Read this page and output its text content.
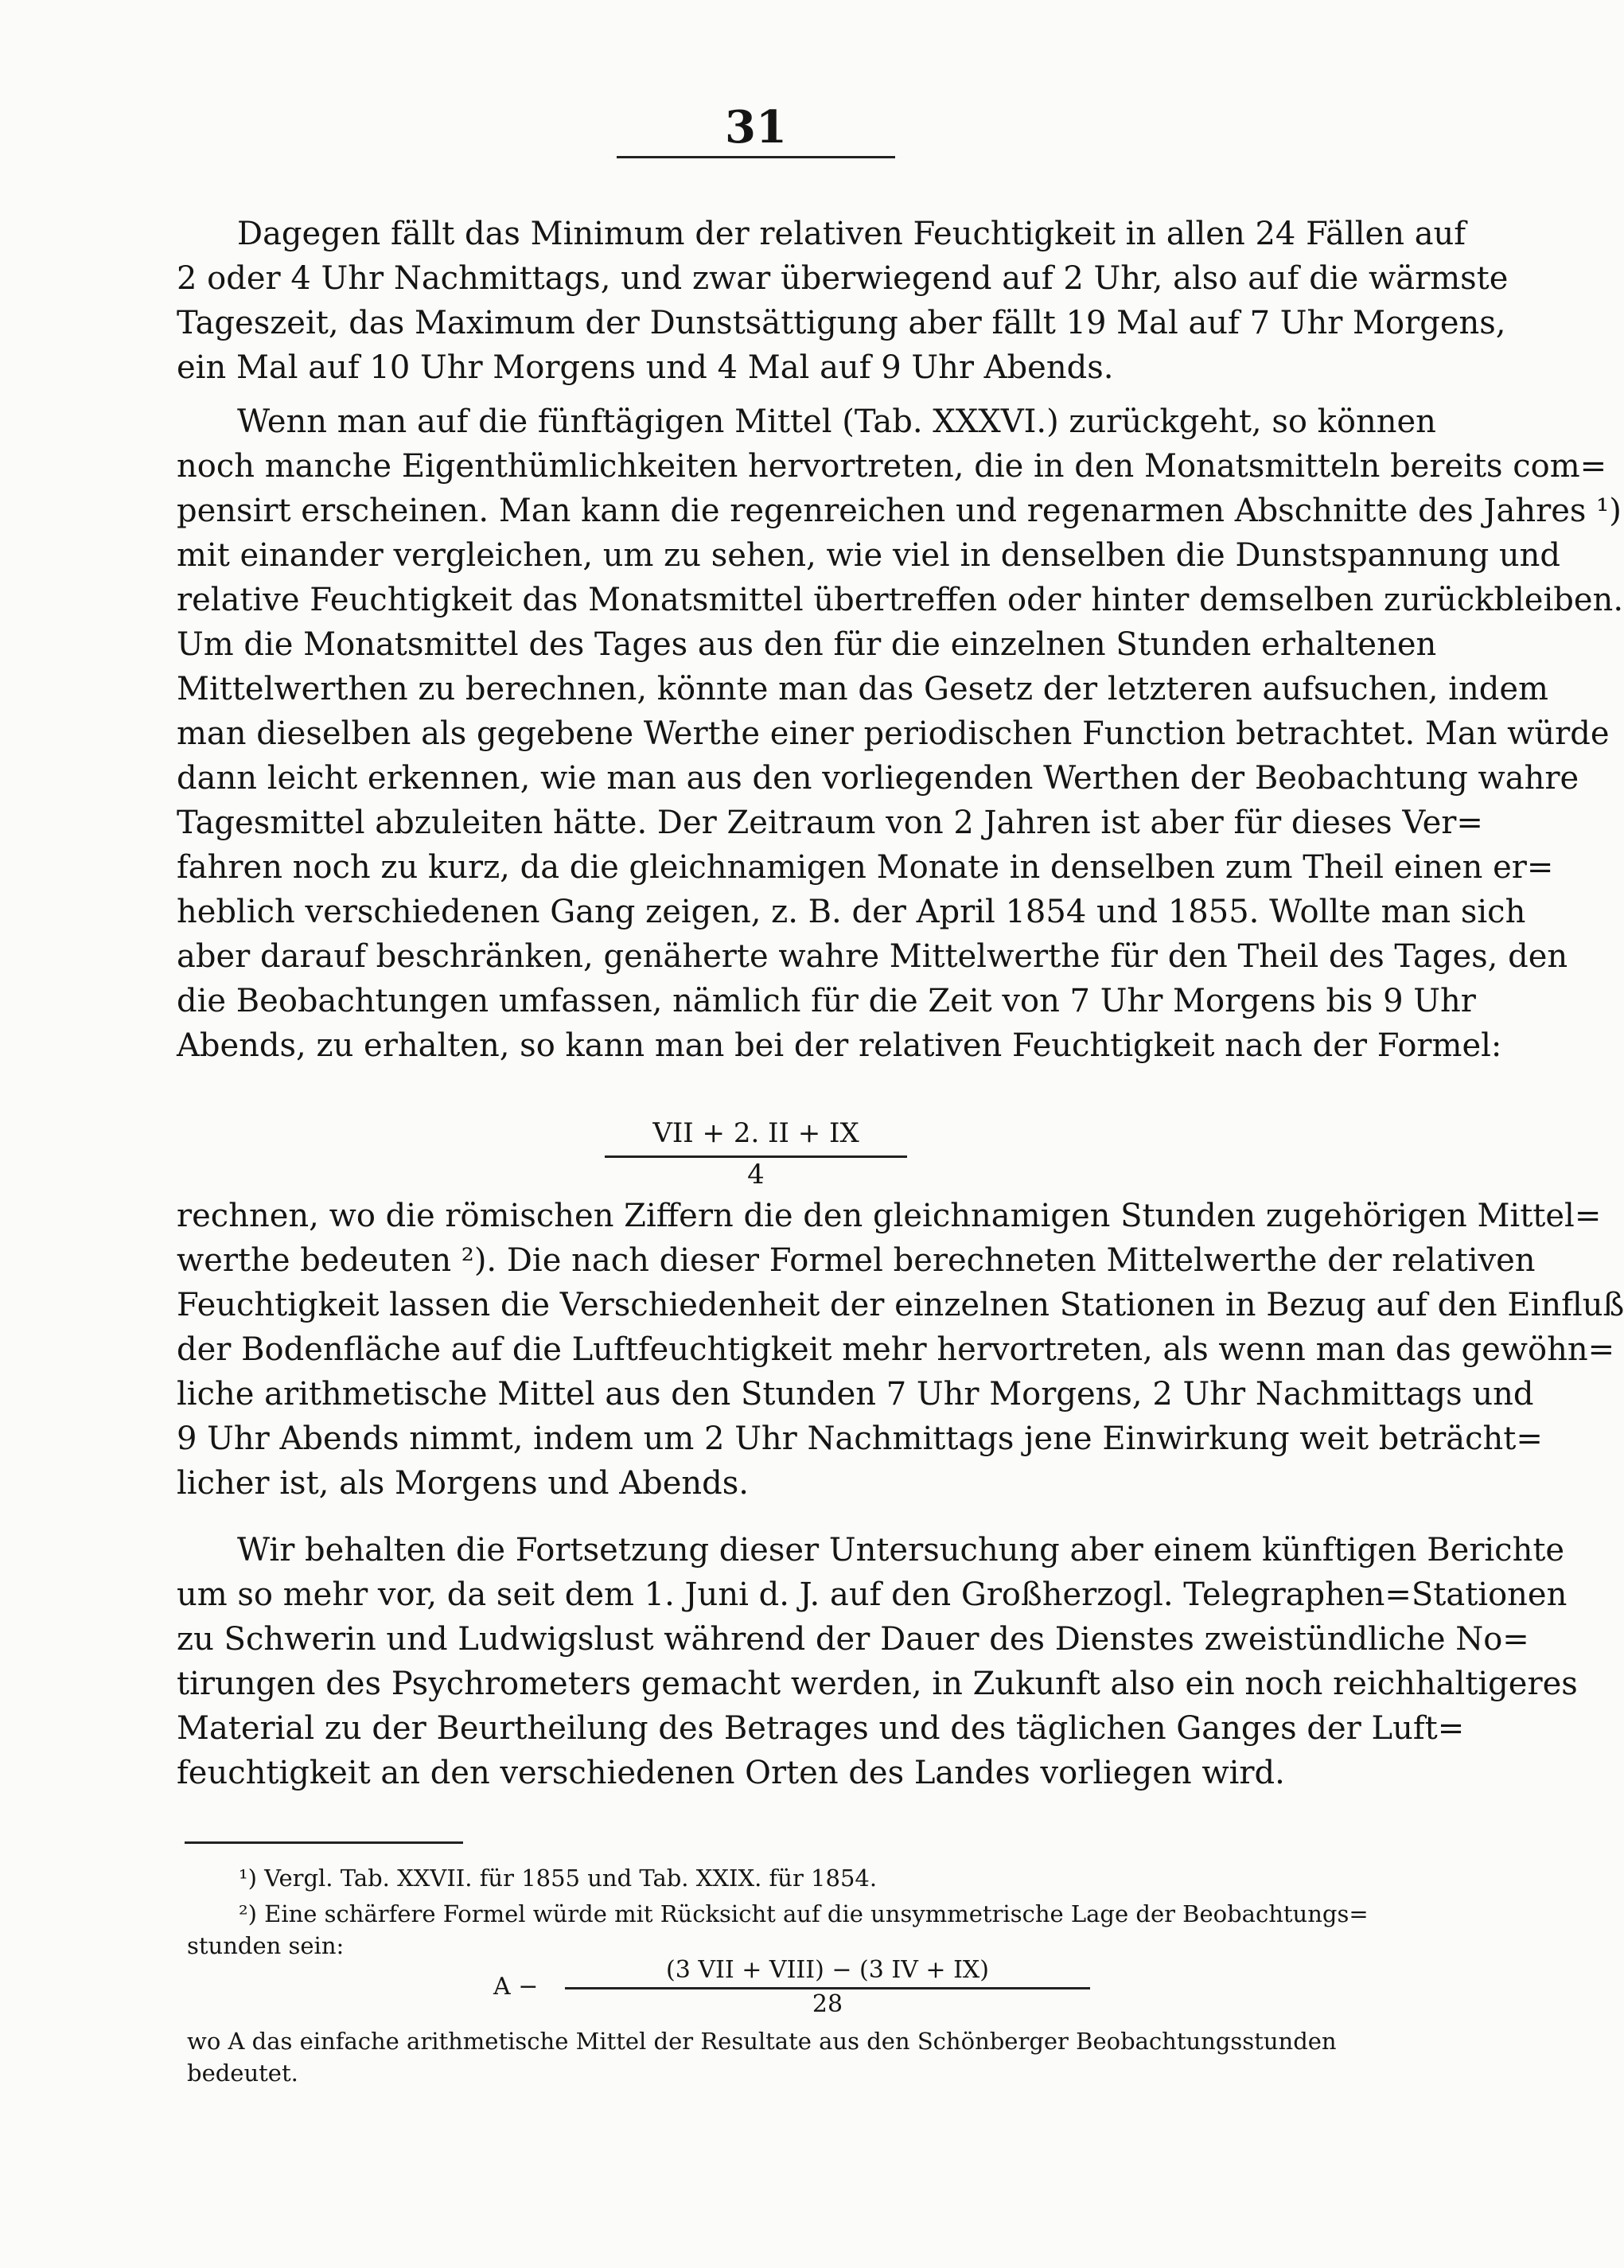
31
Dagegen fällt das Minimum der relativen Feuchtigkeit in allen 24 Fällen auf
2 oder 4 Uhr Nachmittags, und zwar überwiegend auf 2 Uhr, also auf die wärmste
Tageszeit, das Maximum der Dunstsättigung aber fällt 19 Mal auf 7 Uhr Morgens,
ein Mal auf 10 Uhr Morgens und 4 Mal auf 9 Uhr Abends.
Wenn man auf die fünftägigen Mittel (Tab. XXXVI.) zurückgeht, so können
noch manche Eigenthümlichkeiten hervortreten, die in den Monatsmitteln bereits com=
pensirt erscheinen. Man kann die regenreichen und regenarmen Abschnitte des Jahres ¹)
mit einander vergleichen, um zu sehen, wie viel in denselben die Dunstspannung und
relative Feuchtigkeit das Monatsmittel übertreffen oder hinter demselben zurückbleiben.
Um die Monatsmittel des Tages aus den für die einzelnen Stunden erhaltenen
Mittelwerthen zu berechnen, könnte man das Gesetz der letzteren aufsuchen, indem
man dieselben als gegebene Werthe einer periodischen Function betrachtet. Man würde
dann leicht erkennen, wie man aus den vorliegenden Werthen der Beobachtung wahre
Tagesmittel abzuleiten hätte. Der Zeitraum von 2 Jahren ist aber für dieses Ver=
fahren noch zu kurz, da die gleichnamigen Monate in denselben zum Theil einen er=
heblich verschiedenen Gang zeigen, z. B. der April 1854 und 1855. Wollte man sich
aber darauf beschränken, genäherte wahre Mittelwerthe für den Theil des Tages, den
die Beobachtungen umfassen, nämlich für die Zeit von 7 Uhr Morgens bis 9 Uhr
Abends, zu erhalten, so kann man bei der relativen Feuchtigkeit nach der Formel:
VII + 2. II + IX
4
rechnen, wo die römischen Ziffern die den gleichnamigen Stunden zugehörigen Mittel=
werthe bedeuten ²). Die nach dieser Formel berechneten Mittelwerthe der relativen
Feuchtigkeit lassen die Verschiedenheit der einzelnen Stationen in Bezug auf den Einfluß
der Bodenfläche auf die Luftfeuchtigkeit mehr hervortreten, als wenn man das gewöhn=
liche arithmetische Mittel aus den Stunden 7 Uhr Morgens, 2 Uhr Nachmittags und
9 Uhr Abends nimmt, indem um 2 Uhr Nachmittags jene Einwirkung weit beträcht=
licher ist, als Morgens und Abends.
Wir behalten die Fortsetzung dieser Untersuchung aber einem künftigen Berichte
um so mehr vor, da seit dem 1. Juni d. J. auf den Großherzogl. Telegraphen=Stationen
zu Schwerin und Ludwigslust während der Dauer des Dienstes zweistündliche No=
tirungen des Psychrometers gemacht werden, in Zukunft also ein noch reichhaltigeres
Material zu der Beurtheilung des Betrages und des täglichen Ganges der Luft=
feuchtigkeit an den verschiedenen Orten des Landes vorliegen wird.
¹) Vergl. Tab. XXVII. für 1855 und Tab. XXIX. für 1854.
²) Eine schärfere Formel würde mit Rücksicht auf die unsymmetrische Lage der Beobachtungs=
stunden sein:
A −
(3 VII + VIII) − (3 IV + IX)
28
wo A das einfache arithmetische Mittel der Resultate aus den Schönberger Beobachtungsstunden
bedeutet.
